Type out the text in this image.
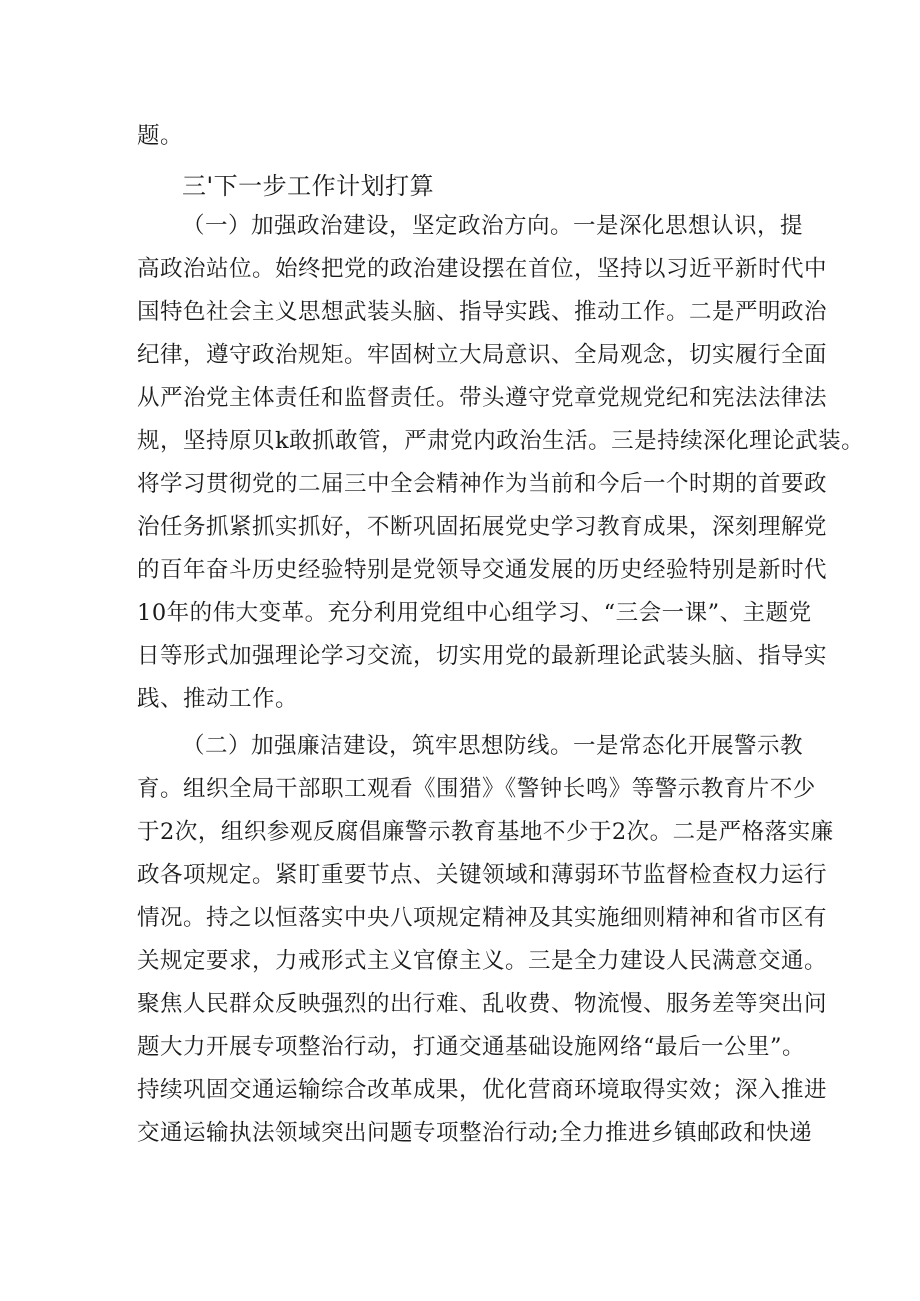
题。
三'下一步工作计划打算
（一）加强政治建设，坚定政治方向。一是深化思想认识，提
高政治站位。始终把党的政治建设摆在首位，坚持以习近平新时代中
国特色社会主义思想武装头脑、指导实践、推动工作。二是严明政治
纪律，遵守政治规矩。牢固树立大局意识、全局观念，切实履行全面
从严治党主体责任和监督责任。带头遵守党章党规党纪和宪法法律法
规，坚持原贝k敢抓敢管，严肃党内政治生活。三是持续深化理论武装。
将学习贯彻党的二届三中全会精神作为当前和今后一个时期的首要政
治任务抓紧抓实抓好，不断巩固拓展党史学习教育成果，深刻理解党
的百年奋斗历史经验特别是党领导交通发展的历史经验特别是新时代
10年的伟大变革。充分利用党组中心组学习、“三会一课”、主题党
日等形式加强理论学习交流，切实用党的最新理论武装头脑、指导实
践、推动工作。
（二）加强廉洁建设，筑牢思想防线。一是常态化开展警示教
育。组织全局干部职工观看《围猎》《警钟长鸣》等警示教育片不少
于2次，组织参观反腐倡廉警示教育基地不少于2次。二是严格落实廉
政各项规定。紧盯重要节点、关键领域和薄弱环节监督检查权力运行
情况。持之以恒落实中央八项规定精神及其实施细则精神和省市区有
关规定要求，力戒形式主义官僚主义。三是全力建设人民满意交通。
聚焦人民群众反映强烈的出行难、乱收费、物流慢、服务差等突出问
题大力开展专项整治行动，打通交通基础设施网络“最后一公里”。
持续巩固交通运输综合改革成果，优化营商环境取得实效；深入推进
交通运输执法领域突出问题专项整治行动;全力推进乡镇邮政和快递
